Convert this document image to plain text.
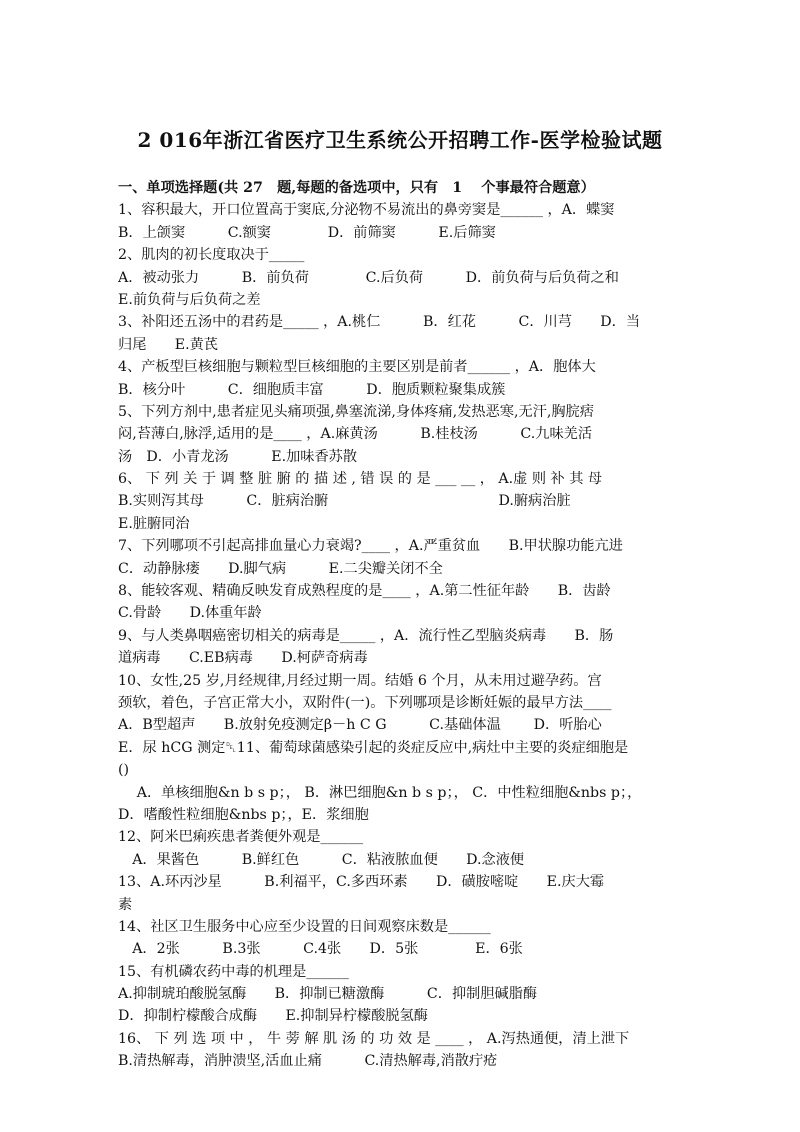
2 016年浙江省医疗卫生系统公开招聘工作-医学检验试题
一、单项选择题(共 27　题,每题的备选项中，只有　1　 个事最符合题意）
1、容积最大，开口位置高于窦底,分泌物不易流出的鼻旁窦是______ ，A．蝶窦
B．上颌窦　　　C.额窦　　　　D．前筛窦　　　E.后筛窦
2、肌肉的初长度取决于_____
A．被动张力　　　B．前负荷　　　　C.后负荷　　　D．前负荷与后负荷之和
E.前负荷与后负荷之差
3、补阳还五汤中的君药是_____ ，A.桃仁　　　B．红花　　　C．川芎　　D．当
归尾　　E.黄芪
4、产板型巨核细胞与颗粒型巨核细胞的主要区别是前者______ ，A．胞体大
B．核分叶　　　C．细胞质丰富　　　D．胞质颗粒聚集成簇
5、下列方剂中,患者症见头痛项强,鼻塞流涕,身体疼痛,发热恶寒,无汗,胸脘痞
闷,苔薄白,脉浮,适用的是____ ，A.麻黄汤　　　B.桂枝汤　　　C.九味羌活
汤　D．小青龙汤　　　E.加味香苏散
6、 下 列 关 于 调 整 脏 腑 的 描 述 , 错 误 的 是 ___ __ ， A.虚 则 补 其 母
B.实则泻其母　　　C．脏病治腑　　　　　　　　　　　　D.腑病治脏
E.脏腑同治
7、下列哪项不引起高排血量心力衰竭?____ ，A.严重贫血　　B.甲状腺功能亢进
C．动静脉瘘　　D.脚气病　　　E.二尖瓣关闭不全
8、能较客观、精确反映发育成熟程度的是____ ，A.第二性征年龄　　B．齿龄
C.骨龄　　D.体重年龄
9、与人类鼻咽癌密切相关的病毒是_____ ，A．流行性乙型脑炎病毒　　B．肠
道病毒　　C.EB病毒　　D.柯萨奇病毒
10、女性,25 岁,月经规律,月经过期一周。结婚 6 个月，从未用过避孕药。宫
颈软，着色，子宫正常大小，双附件(一)。下列哪项是诊断妊娠的最早方法____
A．B型超声　　B.放射免疫测定β－h C G　　　C.基础体温　　 D．听胎心
E．尿 hCG 测定␡11、葡萄球菌感染引起的炎症反应中,病灶中主要的炎症细胞是
()
　 A．单核细胞&n b s p；， B．淋巴细胞&n b s p；， C．中性粒细胞&nbs p；，
D．嗜酸性粒细胞&nbs p；，E．浆细胞
12、阿米巴痢疾患者粪便外观是______
　A．果酱色　　　B.鲜红色　　　C．粘液脓血便　　D.念液便
13、A.环丙沙星　　　B.利福平，C.多西环素　　D．磺胺嘧啶　　E.庆大霉
素
14、社区卫生服务中心应至少设置的日间观察床数是______
　A．2张　　　B.3张　　　C.4张　　D．5张　　　　E．6张
15、有机磷农药中毒的机理是______
A.抑制琥珀酸脱氢酶　　B．抑制已糖激酶　　　C．抑制胆碱脂酶
D．抑制柠檬酸合成酶　　E.抑制异柠檬酸脱氢酶
16、 下 列 选 项 中 ， 牛 蒡 解 肌 汤 的 功 效 是 ____ ， A.泻热通便，清上泄下
B.清热解毒，消肿溃坚,活血止痛　　　C.清热解毒,消散疔疮
